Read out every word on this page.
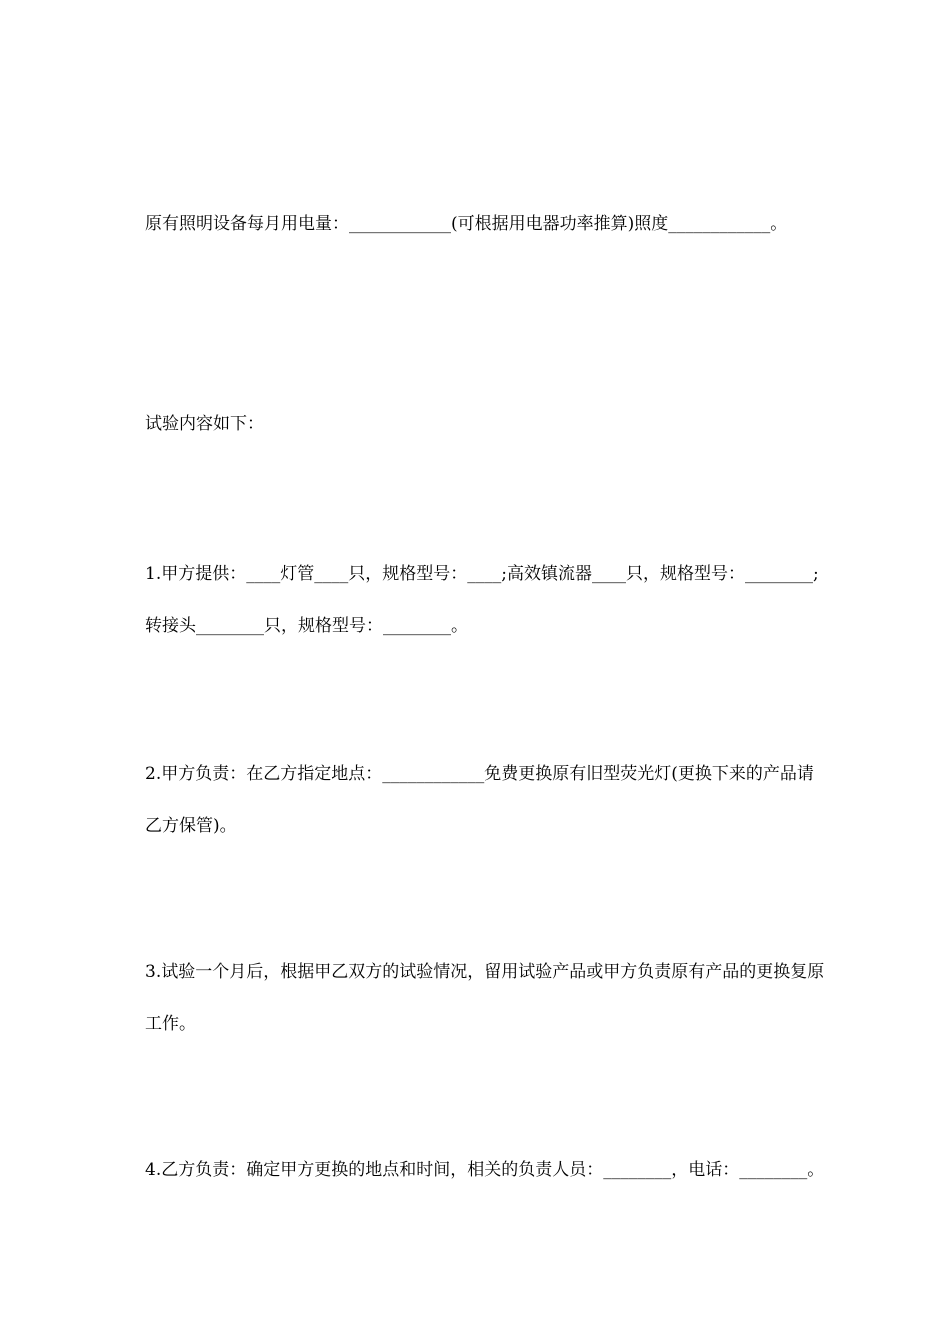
原有照明设备每月用电量：____________(可根据用电器功率推算)照度____________。

试验内容如下：

1.甲方提供：____灯管____只，规格型号：____;高效镇流器____只，规格型号：________;转接头________只，规格型号：________。

2.甲方负责：在乙方指定地点：____________免费更换原有旧型荧光灯(更换下来的产品请乙方保管)。

3.试验一个月后，根据甲乙双方的试验情况，留用试验产品或甲方负责原有产品的更换复原工作。

4.乙方负责：确定甲方更换的地点和时间，相关的负责人员：________，电话：________。
